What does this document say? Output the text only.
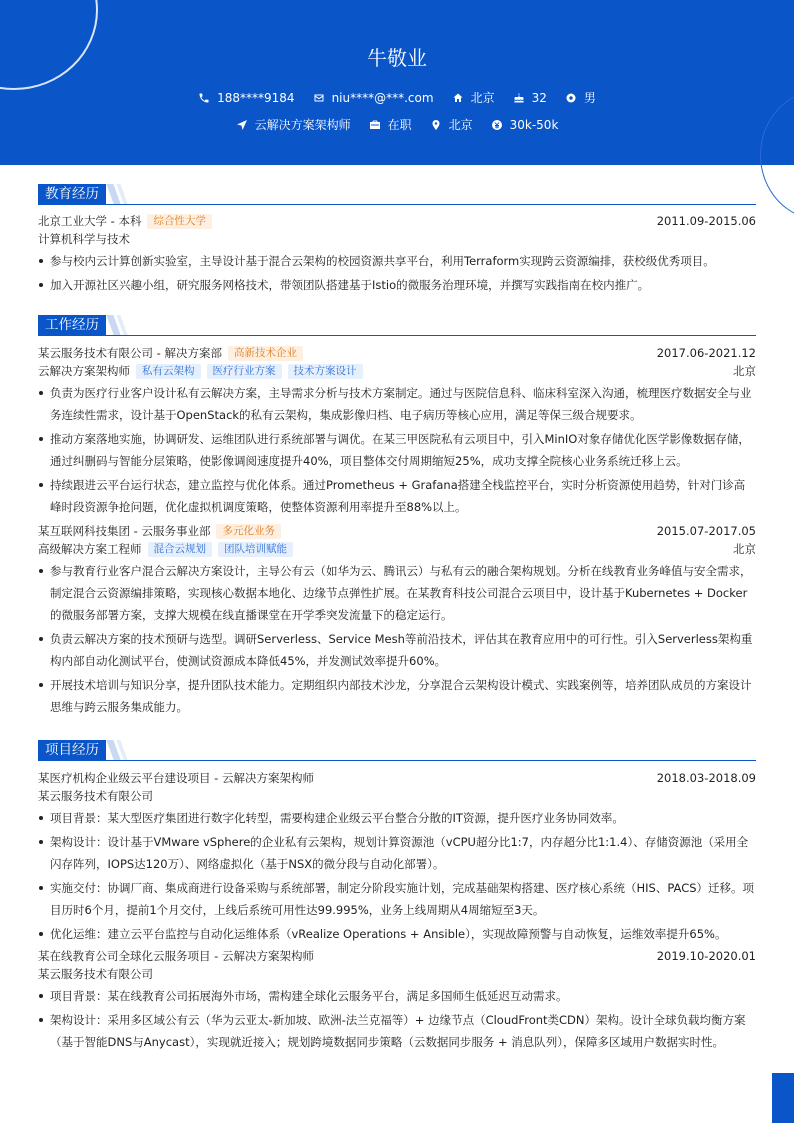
牛敬业
188****9184	niu****@***.com	北京	32	男
云解决方案架构师	在职	北京	30k-50k
教育经历
北京工业大学 - 本科	综合性大学	2011.09-2015.06
计算机科学与技术
参与校内云计算创新实验室，主导设计基于混合云架构的校园资源共享平台，利用Terraform实现跨云资源编排，获校级优秀项目。
加入开源社区兴趣小组，研究服务网格技术，带领团队搭建基于Istio的微服务治理环境，并撰写实践指南在校内推广。
工作经历
某云服务技术有限公司 - 解决方案部	高新技术企业	2017.06-2021.12
云解决方案架构师	私有云架构	医疗行业方案	技术方案设计	北京
负责为医疗行业客户设计私有云解决方案，主导需求分析与技术方案制定。通过与医院信息科、临床科室深入沟通，梳理医疗数据安全与业务连续性需求，设计基于OpenStack的私有云架构，集成影像归档、电子病历等核心应用，满足等保三级合规要求。
推动方案落地实施，协调研发、运维团队进行系统部署与调优。在某三甲医院私有云项目中，引入MinIO对象存储优化医学影像数据存储，通过纠删码与智能分层策略，使影像调阅速度提升40%，项目整体交付周期缩短25%，成功支撑全院核心业务系统迁移上云。
持续跟进云平台运行状态，建立监控与优化体系。通过Prometheus + Grafana搭建全栈监控平台，实时分析资源使用趋势，针对门诊高峰时段资源争抢问题，优化虚拟机调度策略，使整体资源利用率提升至88%以上。
某互联网科技集团 - 云服务事业部	多元化业务	2015.07-2017.05
高级解决方案工程师	混合云规划	团队培训赋能	北京
参与教育行业客户混合云解决方案设计，主导公有云（如华为云、腾讯云）与私有云的融合架构规划。分析在线教育业务峰值与安全需求，制定混合云资源编排策略，实现核心数据本地化、边缘节点弹性扩展。在某教育科技公司混合云项目中，设计基于Kubernetes + Docker的微服务部署方案，支撑大规模在线直播课堂在开学季突发流量下的稳定运行。
负责云解决方案的技术预研与选型。调研Serverless、Service Mesh等前沿技术，评估其在教育应用中的可行性。引入Serverless架构重构内部自动化测试平台，使测试资源成本降低45%，并发测试效率提升60%。
开展技术培训与知识分享，提升团队技术能力。定期组织内部技术沙龙，分享混合云架构设计模式、实践案例等，培养团队成员的方案设计思维与跨云服务集成能力。
项目经历
某医疗机构企业级云平台建设项目 - 云解决方案架构师	2018.03-2018.09
某云服务技术有限公司
项目背景：某大型医疗集团进行数字化转型，需要构建企业级云平台整合分散的IT资源，提升医疗业务协同效率。
架构设计：设计基于VMware vSphere的企业私有云架构，规划计算资源池（vCPU超分比1:7，内存超分比1:1.4）、存储资源池（采用全闪存阵列，IOPS达120万）、网络虚拟化（基于NSX的微分段与自动化部署）。
实施交付：协调厂商、集成商进行设备采购与系统部署，制定分阶段实施计划，完成基础架构搭建、医疗核心系统（HIS、PACS）迁移。项目历时6个月，提前1个月交付，上线后系统可用性达99.995%，业务上线周期从4周缩短至3天。
优化运维：建立云平台监控与自动化运维体系（vRealize Operations + Ansible），实现故障预警与自动恢复，运维效率提升65%。
某在线教育公司全球化云服务项目 - 云解决方案架构师	2019.10-2020.01
某云服务技术有限公司
项目背景：某在线教育公司拓展海外市场，需构建全球化云服务平台，满足多国师生低延迟互动需求。
架构设计：采用多区域公有云（华为云亚太-新加坡、欧洲-法兰克福等）+ 边缘节点（CloudFront类CDN）架构。设计全球负载均衡方案（基于智能DNS与Anycast），实现就近接入；规划跨境数据同步策略（云数据同步服务 + 消息队列），保障多区域用户数据实时性。
